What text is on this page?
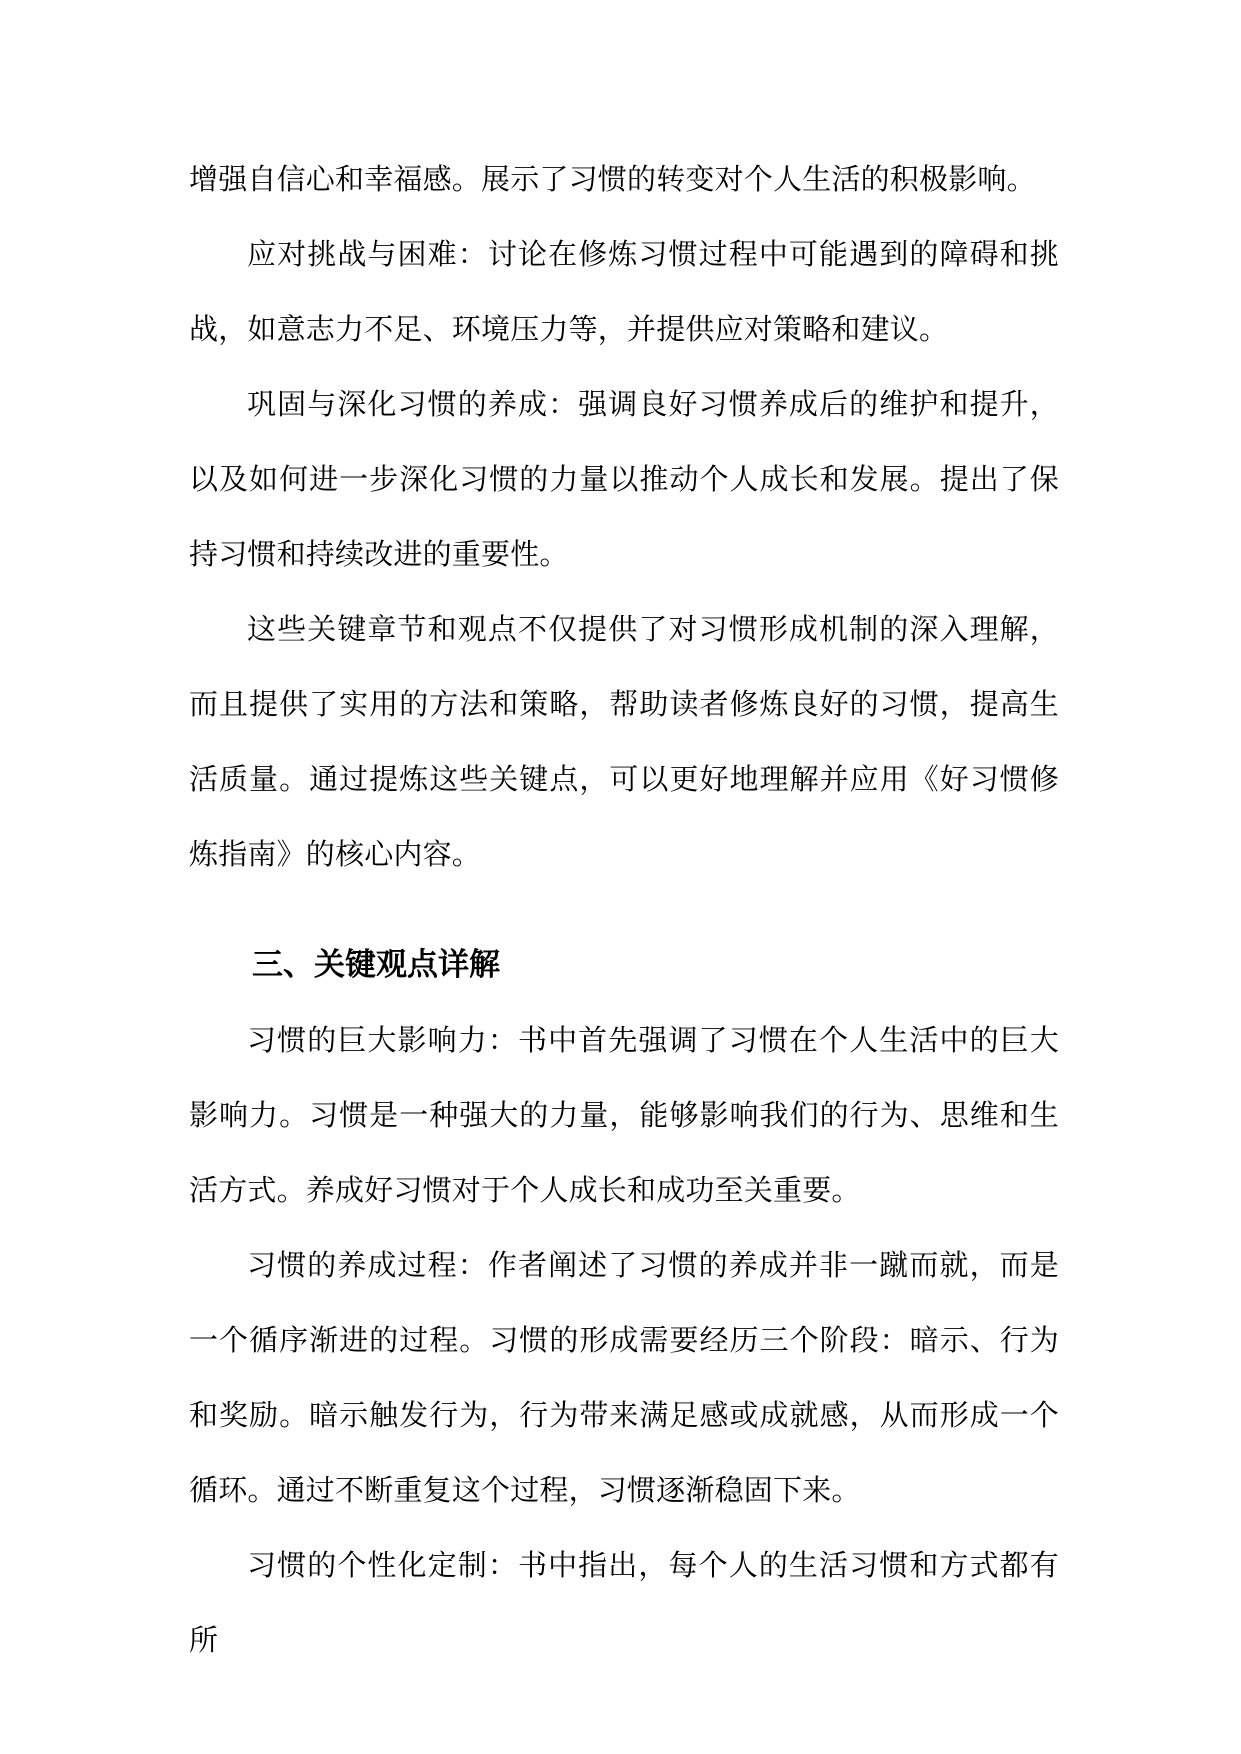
增强自信心和幸福感。展示了习惯的转变对个人生活的积极影响。

应对挑战与困难：讨论在修炼习惯过程中可能遇到的障碍和挑战，如意志力不足、环境压力等，并提供应对策略和建议。

巩固与深化习惯的养成：强调良好习惯养成后的维护和提升，以及如何进一步深化习惯的力量以推动个人成长和发展。提出了保持习惯和持续改进的重要性。

这些关键章节和观点不仅提供了对习惯形成机制的深入理解，而且提供了实用的方法和策略，帮助读者修炼良好的习惯，提高生活质量。通过提炼这些关键点，可以更好地理解并应用《好习惯修炼指南》的核心内容。

三、关键观点详解

习惯的巨大影响力：书中首先强调了习惯在个人生活中的巨大影响力。习惯是一种强大的力量，能够影响我们的行为、思维和生活方式。养成好习惯对于个人成长和成功至关重要。

习惯的养成过程：作者阐述了习惯的养成并非一蹴而就，而是一个循序渐进的过程。习惯的形成需要经历三个阶段：暗示、行为和奖励。暗示触发行为，行为带来满足感或成就感，从而形成一个循环。通过不断重复这个过程，习惯逐渐稳固下来。

习惯的个性化定制：书中指出，每个人的生活习惯和方式都有所
